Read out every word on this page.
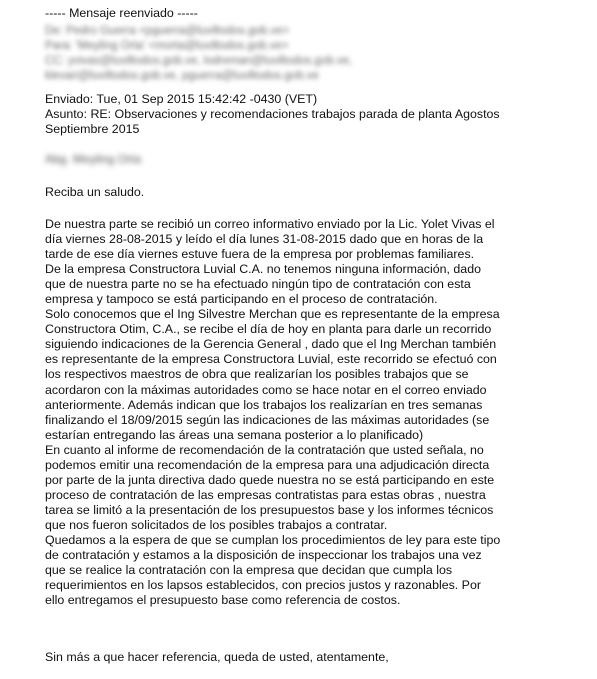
----- Mensaje reenviado -----
De: Pedro Guerra <pguerra@luviltodos.gob.ve>
Para: 'Meyling Orta' <morta@luviltodos.gob.ve>
CC: yvivas@luviltodos.gob.ve, lodreman@luviltodos.gob.ve,
klevari@luviltodos.gob.ve, pguerra@luviltodos.gob.ve
Enviado: Tue, 01 Sep 2015 15:42:42 -0430 (VET)
Asunto: RE: Observaciones y recomendaciones trabajos parada de planta Agostos
Septiembre 2015
Abg. Meyling Orta
Reciba un saludo.
De nuestra parte se recibió un correo informativo enviado por la Lic. Yolet Vivas el
día viernes 28-08-2015 y leído el día lunes 31-08-2015 dado que en horas de la
tarde de ese día viernes estuve fuera de la empresa por problemas familiares.
De la empresa Constructora Luvial C.A. no tenemos ninguna información, dado
que de nuestra parte no se ha efectuado ningún tipo de contratación con esta
empresa y tampoco se está participando en el proceso de contratación.
Solo conocemos que el Ing Silvestre Merchan que es representante de la empresa
Constructora Otim, C.A., se recibe el día de hoy en planta para darle un recorrido
siguiendo indicaciones de la Gerencia General , dado que el Ing Merchan también
es representante de la empresa Constructora Luvial, este recorrido se efectuó con
los respectivos maestros de obra que realizarían los posibles trabajos que se
acordaron con la máximas autoridades como se hace notar en el correo enviado
anteriormente. Además indican que los trabajos los realizarían en tres semanas
finalizando el 18/09/2015 según las indicaciones de las máximas autoridades (se
estarían entregando las áreas una semana posterior a lo planificado)
En cuanto al informe de recomendación de la contratación que usted señala, no
podemos emitir una recomendación de la empresa para una adjudicación directa
por parte de la junta directiva dado quede nuestra no se está participando en este
proceso de contratación de las empresas contratistas para estas obras , nuestra
tarea se limitó a la presentación de los presupuestos base y los informes técnicos
que nos fueron solicitados de los posibles trabajos a contratar.
Quedamos a la espera de que se cumplan los procedimientos de ley para este tipo
de contratación y estamos a la disposición de inspeccionar los trabajos una vez
que se realice la contratación con la empresa que decidan que cumpla los
requerimientos en los lapsos establecidos, con precios justos y razonables. Por
ello entregamos el presupuesto base como referencia de costos.
Sin más a que hacer referencia, queda de usted, atentamente,
